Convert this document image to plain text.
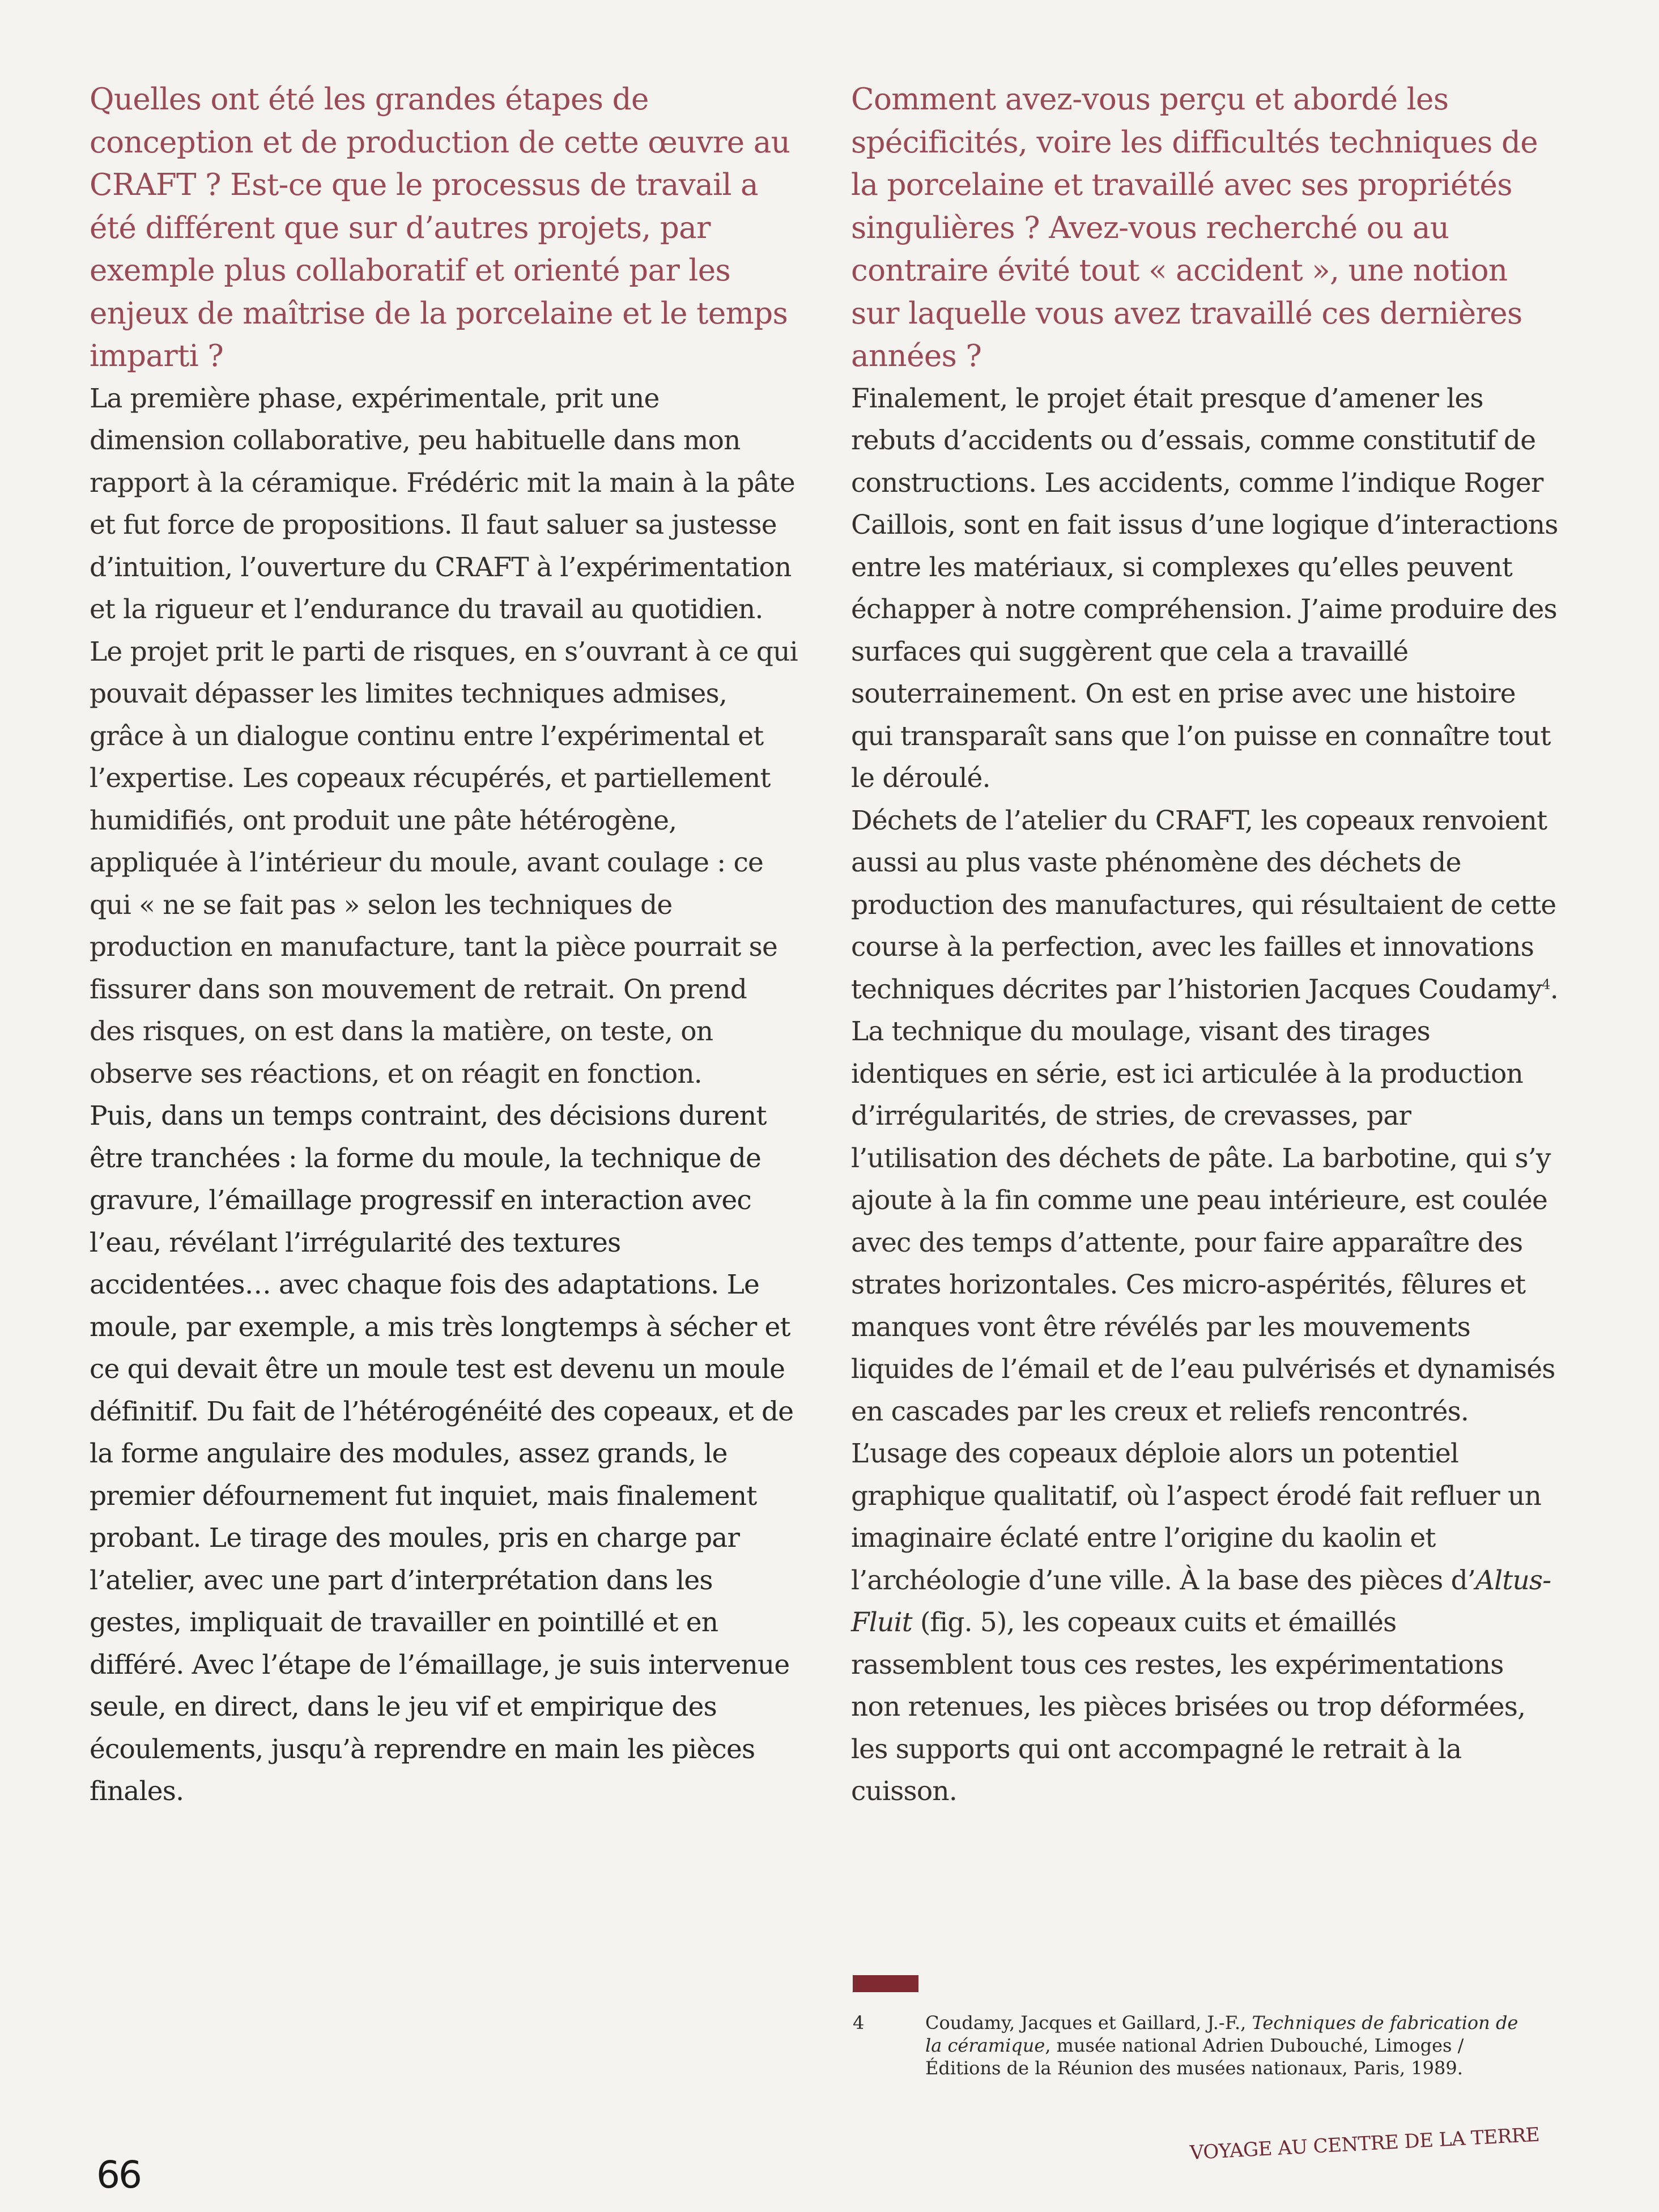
Quelles ont été les grandes étapes de conception et de production de cette œuvre au CRAFT ? Est-ce que le processus de travail a été différent que sur d’autres projets, par exemple plus collaboratif et orienté par les enjeux de maîtrise de la porcelaine et le temps imparti ?

La première phase, expérimentale, prit une dimension collaborative, peu habituelle dans mon rapport à la céramique. Frédéric mit la main à la pâte et fut force de propositions. Il faut saluer sa justesse d’intuition, l’ouverture du CRAFT à l’expérimentation et la rigueur et l’endurance du travail au quotidien.

Le projet prit le parti de risques, en s’ouvrant à ce qui pouvait dépasser les limites techniques admises, grâce à un dialogue continu entre l’expérimental et l’expertise. Les copeaux récupérés, et partiellement humidifiés, ont produit une pâte hétérogène, appliquée à l’intérieur du moule, avant coulage : ce qui « ne se fait pas » selon les techniques de production en manufacture, tant la pièce pourrait se fissurer dans son mouvement de retrait. On prend des risques, on est dans la matière, on teste, on observe ses réactions, et on réagit en fonction.

Puis, dans un temps contraint, des décisions durent être tranchées : la forme du moule, la technique de gravure, l’émaillage progressif en interaction avec l’eau, révélant l’irrégularité des textures accidentées… avec chaque fois des adaptations. Le moule, par exemple, a mis très longtemps à sécher et ce qui devait être un moule test est devenu un moule définitif. Du fait de l’hétérogénéité des copeaux, et de la forme angulaire des modules, assez grands, le premier défournement fut inquiet, mais finalement probant. Le tirage des moules, pris en charge par l’atelier, avec une part d’interprétation dans les gestes, impliquait de travailler en pointillé et en différé. Avec l’étape de l’émaillage, je suis intervenue seule, en direct, dans le jeu vif et empirique des écoulements, jusqu’à reprendre en main les pièces finales.

Comment avez-vous perçu et abordé les spécificités, voire les difficultés techniques de la porcelaine et travaillé avec ses propriétés singulières ? Avez-vous recherché ou au contraire évité tout « accident », une notion sur laquelle vous avez travaillé ces dernières années ?

Finalement, le projet était presque d’amener les rebuts d’accidents ou d’essais, comme constitutif de constructions. Les accidents, comme l’indique Roger Caillois, sont en fait issus d’une logique d’interactions entre les matériaux, si complexes qu’elles peuvent échapper à notre compréhension. J’aime produire des surfaces qui suggèrent que cela a travaillé souterrainement. On est en prise avec une histoire qui transparaît sans que l’on puisse en connaître tout le déroulé.

Déchets de l’atelier du CRAFT, les copeaux renvoient aussi au plus vaste phénomène des déchets de production des manufactures, qui résultaient de cette course à la perfection, avec les failles et innovations techniques décrites par l’historien Jacques Coudamy$^4$. La technique du moulage, visant des tirages identiques en série, est ici articulée à la production d’irrégularités, de stries, de crevasses, par l’utilisation des déchets de pâte. La barbotine, qui s’y ajoute à la fin comme une peau intérieure, est coulée avec des temps d’attente, pour faire apparaître des strates horizontales. Ces micro-aspérités, fêlures et manques vont être révélés par les mouvements liquides de l’émail et de l’eau pulvérisés et dynamisés en cascades par les creux et reliefs rencontrés. L’usage des copeaux déploie alors un potentiel graphique qualitatif, où l’aspect érodé fait refluer un imaginaire éclaté entre l’origine du kaolin et l’archéologie d’une ville. À la base des pièces d’Altus-Fluit (fig. 5), les copeaux cuits et émaillés rassemblent tous ces restes, les expérimentations non retenues, les pièces brisées ou trop déformées, les supports qui ont accompagné le retrait à la cuisson.

4	Coudamy, Jacques et Gaillard, J.-F., Techniques de fabrication de la céramique, musée national Adrien Dubouché, Limoges / Éditions de la Réunion des musées nationaux, Paris, 1989.
66
VOYAGE AU CENTRE DE LA TERRE
